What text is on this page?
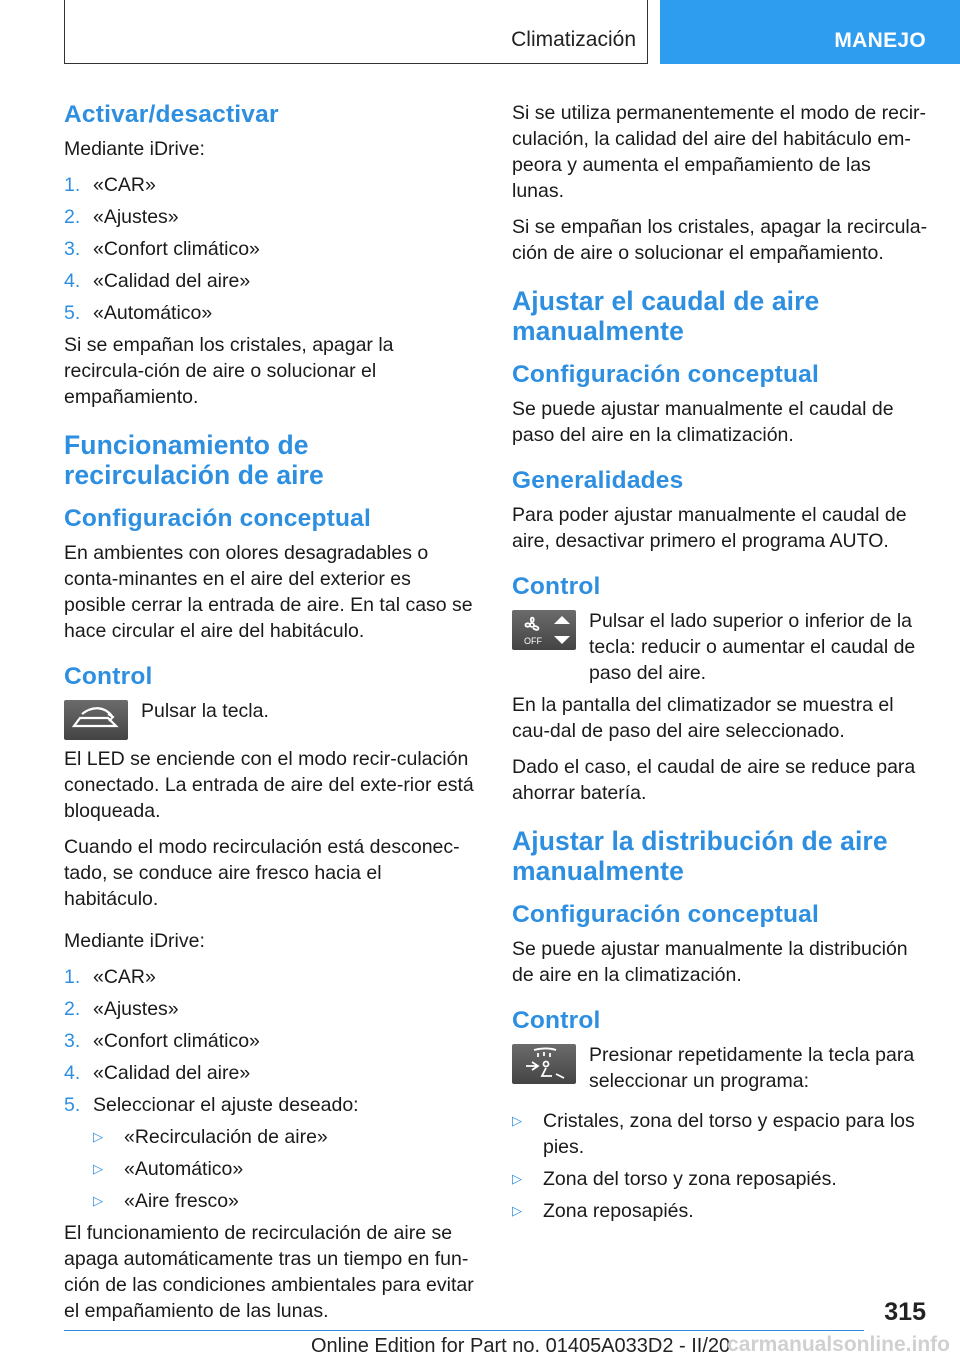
Climatización	MANEJO
Activar/desactivar

Mediante iDrive:

1. «CAR»
2. «Ajustes»
3. «Confort climático»
4. «Calidad del aire»
5. «Automático»

Si se empañan los cristales, apagar la recircula-ción de aire o solucionar el empañamiento.

Funcionamiento de recirculación de aire
Configuración conceptual

En ambientes con olores desagradables o conta-minantes en el aire del exterior es posible cerrar la entrada de aire. En tal caso se hace circular el aire del habitáculo.

Control

Pulsar la tecla.

El LED se enciende con el modo recir-culación conectado. La entrada de aire del exte-rior está bloqueada.

Cuando el modo recirculación está desconec-tado, se conduce aire fresco hacia el habitáculo.

Mediante iDrive:

1. «CAR»
2. «Ajustes»
3. «Confort climático»
4. «Calidad del aire»
5. Seleccionar el ajuste deseado:
▷	«Recirculación de aire»
▷	«Automático»
▷	«Aire fresco»

El funcionamiento de recirculación de aire se apaga automáticamente tras un tiempo en fun-ción de las condiciones ambientales para evitar el empañamiento de las lunas.

Si se utiliza permanentemente el modo de recir-culación, la calidad del aire del habitáculo em-peora y aumenta el empañamiento de las lunas.

Si se empañan los cristales, apagar la recircula-ción de aire o solucionar el empañamiento.

Ajustar el caudal de aire manualmente
Configuración conceptual

Se puede ajustar manualmente el caudal de paso del aire en la climatización.

Generalidades

Para poder ajustar manualmente el caudal de aire, desactivar primero el programa AUTO.

Control
OFF

Pulsar el lado superior o inferior de la tecla: reducir o aumentar el caudal de paso del aire.

En la pantalla del climatizador se muestra el cau-dal de paso del aire seleccionado.

Dado el caso, el caudal de aire se reduce para ahorrar batería.

Ajustar la distribución de aire manualmente
Configuración conceptual

Se puede ajustar manualmente la distribución de aire en la climatización.

Control

Presionar repetidamente la tecla para seleccionar un programa:

▷	Cristales, zona del torso y espacio para los pies.
▷	Zona del torso y zona reposapiés.
▷	Zona reposapiés.
315
Online Edition for Part no. 01405A033D2 - II/20
carmanualsonline.info
